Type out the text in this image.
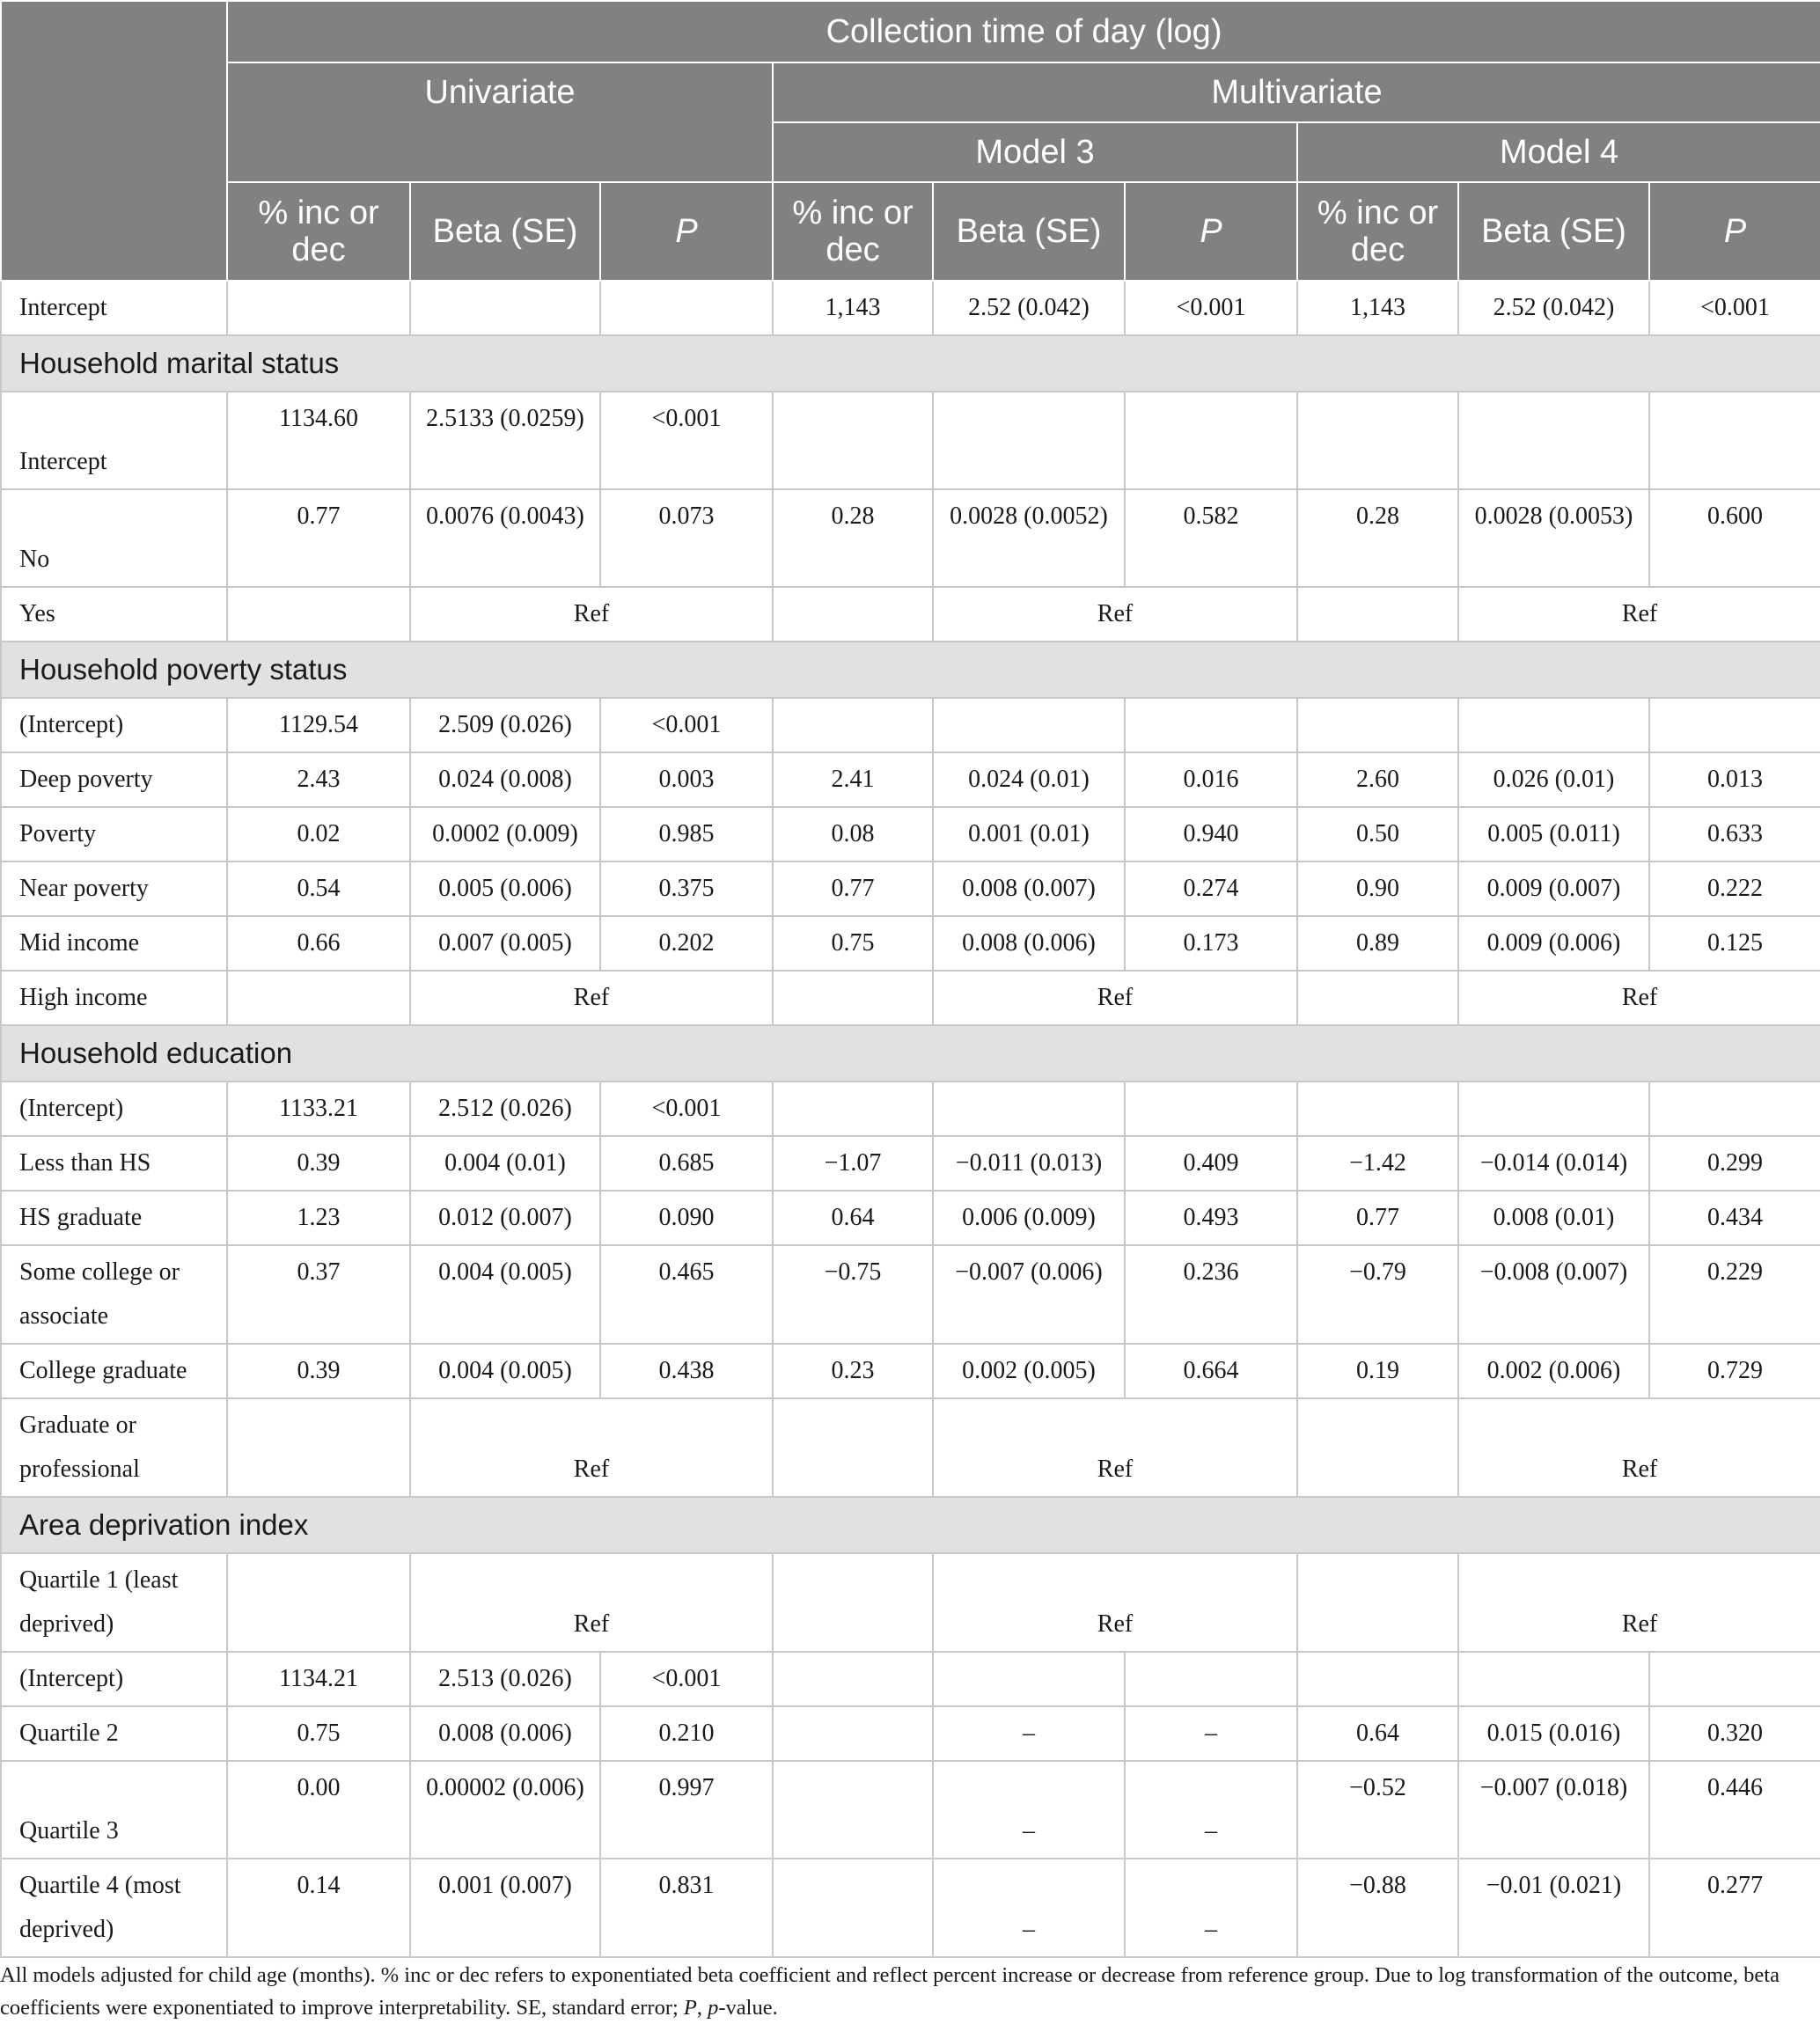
	Collection time of day (log)								
	Univariate			Multivariate					
				Model 3			Model 4		
	% inc or dec	Beta (SE)	P	% inc or dec	Beta (SE)	P	% inc or dec	Beta (SE)	P
Intercept				1,143	2.52 (0.042)	<0.001	1,143	2.52 (0.042)	<0.001
Household marital status									
Intercept	1134.60	2.5133 (0.0259)	<0.001						
No	0.77	0.0076 (0.0043)	0.073	0.28	0.0028 (0.0052)	0.582	0.28	0.0028 (0.0053)	0.600
Yes		Ref			Ref			Ref	
Household poverty status									
(Intercept)	1129.54	2.509 (0.026)	<0.001						
Deep poverty	2.43	0.024 (0.008)	0.003	2.41	0.024 (0.01)	0.016	2.60	0.026 (0.01)	0.013
Poverty	0.02	0.0002 (0.009)	0.985	0.08	0.001 (0.01)	0.940	0.50	0.005 (0.011)	0.633
Near poverty	0.54	0.005 (0.006)	0.375	0.77	0.008 (0.007)	0.274	0.90	0.009 (0.007)	0.222
Mid income	0.66	0.007 (0.005)	0.202	0.75	0.008 (0.006)	0.173	0.89	0.009 (0.006)	0.125
High income		Ref			Ref			Ref	
Household education									
(Intercept)	1133.21	2.512 (0.026)	<0.001						
Less than HS	0.39	0.004 (0.01)	0.685	−1.07	−0.011 (0.013)	0.409	−1.42	−0.014 (0.014)	0.299
HS graduate	1.23	0.012 (0.007)	0.090	0.64	0.006 (0.009)	0.493	0.77	0.008 (0.01)	0.434
Some college or associate	0.37	0.004 (0.005)	0.465	−0.75	−0.007 (0.006)	0.236	−0.79	−0.008 (0.007)	0.229
College graduate	0.39	0.004 (0.005)	0.438	0.23	0.002 (0.005)	0.664	0.19	0.002 (0.006)	0.729
Graduate or professional		Ref			Ref			Ref	
Area deprivation index									
Quartile 1 (least deprived)		Ref			Ref			Ref	
(Intercept)	1134.21	2.513 (0.026)	<0.001						
Quartile 2	0.75	0.008 (0.006)	0.210		–	–	0.64	0.015 (0.016)	0.320
Quartile 3	0.00	0.00002 (0.006)	0.997		–	–	−0.52	−0.007 (0.018)	0.446
Quartile 4 (most deprived)	0.14	0.001 (0.007)	0.831		–	–	−0.88	−0.01 (0.021)	0.277
All models adjusted for child age (months). % inc or dec refers to exponentiated beta coefficient and reflect percent increase or decrease from reference group. Due to log transformation of the outcome, beta coefficients were exponentiated to improve interpretability. SE, standard error; P, p-value.
